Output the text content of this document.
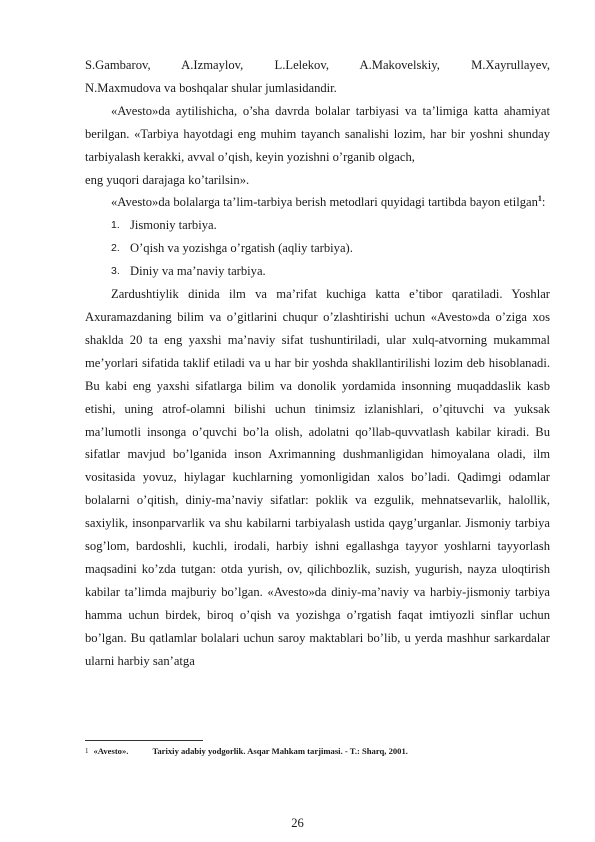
S.Gambarov, A.Izmaylov, L.Lelekov, A.Makovelskiy, M.Xayrullayev,

N.Maxmudova va boshqalar shular jumlasidandir.

«Avesto»da aytilishicha, o’sha davrda bolalar tarbiyasi va ta’limiga katta ahamiyat berilgan. «Tarbiya hayotdagi eng muhim tayanch sanalishi lozim, har bir yoshni shunday tarbiyalash kerakki, avval o’qish, keyin yozishni o’rganib olgach,

eng yuqori darajaga ko’tarilsin».

«Avesto»da bolalarga ta’lim-tarbiya berish metodlari quyidagi tartibda bayon etilgan$^1$:

1. Jismoniy tarbiya.
2. O’qish va yozishga o’rgatish (aqliy tarbiya).
3. Diniy va ma’naviy tarbiya.

Zardushtiylik dinida ilm va ma’rifat kuchiga katta e’tibor qaratiladi. Yoshlar Axuramazdaning bilim va o’gitlarini chuqur o’zlashtirishi uchun «Avesto»da o’ziga xos shaklda 20 ta eng yaxshi ma’naviy sifat tushuntiriladi, ular xulq-atvorning mukammal me’yorlari sifatida taklif etiladi va u har bir yoshda shakllantirilishi lozim deb hisoblanadi. Bu kabi eng yaxshi sifatlarga bilim va donolik yordamida insonning muqaddaslik kasb etishi, uning atrof-olamni bilishi uchun tinimsiz izlanishlari, o’qituvchi va yuksak ma’lumotli insonga o’quvchi bo’la olish, adolatni qo’llab-quvvatlash kabilar kiradi. Bu sifatlar mavjud bo’lganida inson Axrimanning dushmanligidan himoyalana oladi, ilm vositasida yovuz, hiylagar kuchlarning yomonligidan xalos bo’ladi. Qadimgi odamlar bolalarni o’qitish, diniy-ma’naviy sifatlar: poklik va ezgulik, mehnatsevarlik, halollik, saxiylik, insonparvarlik va shu kabilarni tarbiyalash ustida qayg’urganlar. Jismoniy tarbiya sog’lom, bardoshli, kuchli, irodali, harbiy ishni egallashga tayyor yoshlarni tayyorlash maqsadini ko’zda tutgan: otda yurish, ov, qilichbozlik, suzish, yugurish, nayza uloqtirish kabilar ta’limda majburiy bo’lgan. «Avesto»da diniy-ma’naviy va harbiy-jismoniy tarbiya hamma uchun birdek, biroq o’qish va yozishga o’rgatish faqat imtiyozli sinflar uchun bo’lgan. Bu qatlamlar bolalari uchun saroy maktablari bo’lib, u yerda mashhur sarkardalar ularni harbiy san’atga

$^1$ «Avesto».	Tarixiy adabiy yodgorlik. Asqar Mahkam tarjimasi. - T.: Sharq, 2001.
26
